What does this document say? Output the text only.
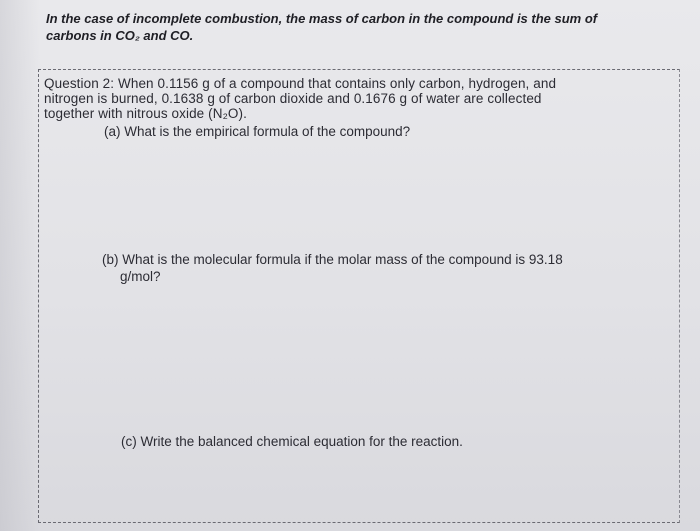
In the case of incomplete combustion, the mass of carbon in the compound is the sum of
carbons in CO₂ and CO.
Question 2: When 0.1156 g of a compound that contains only carbon, hydrogen, and
nitrogen is burned, 0.1638 g of carbon dioxide and 0.1676 g of water are collected
together with nitrous oxide (N₂O).
(a) What is the empirical formula of the compound?
(b) What is the molecular formula if the molar mass of the compound is 93.18
g/mol?
(c) Write the balanced chemical equation for the reaction.
